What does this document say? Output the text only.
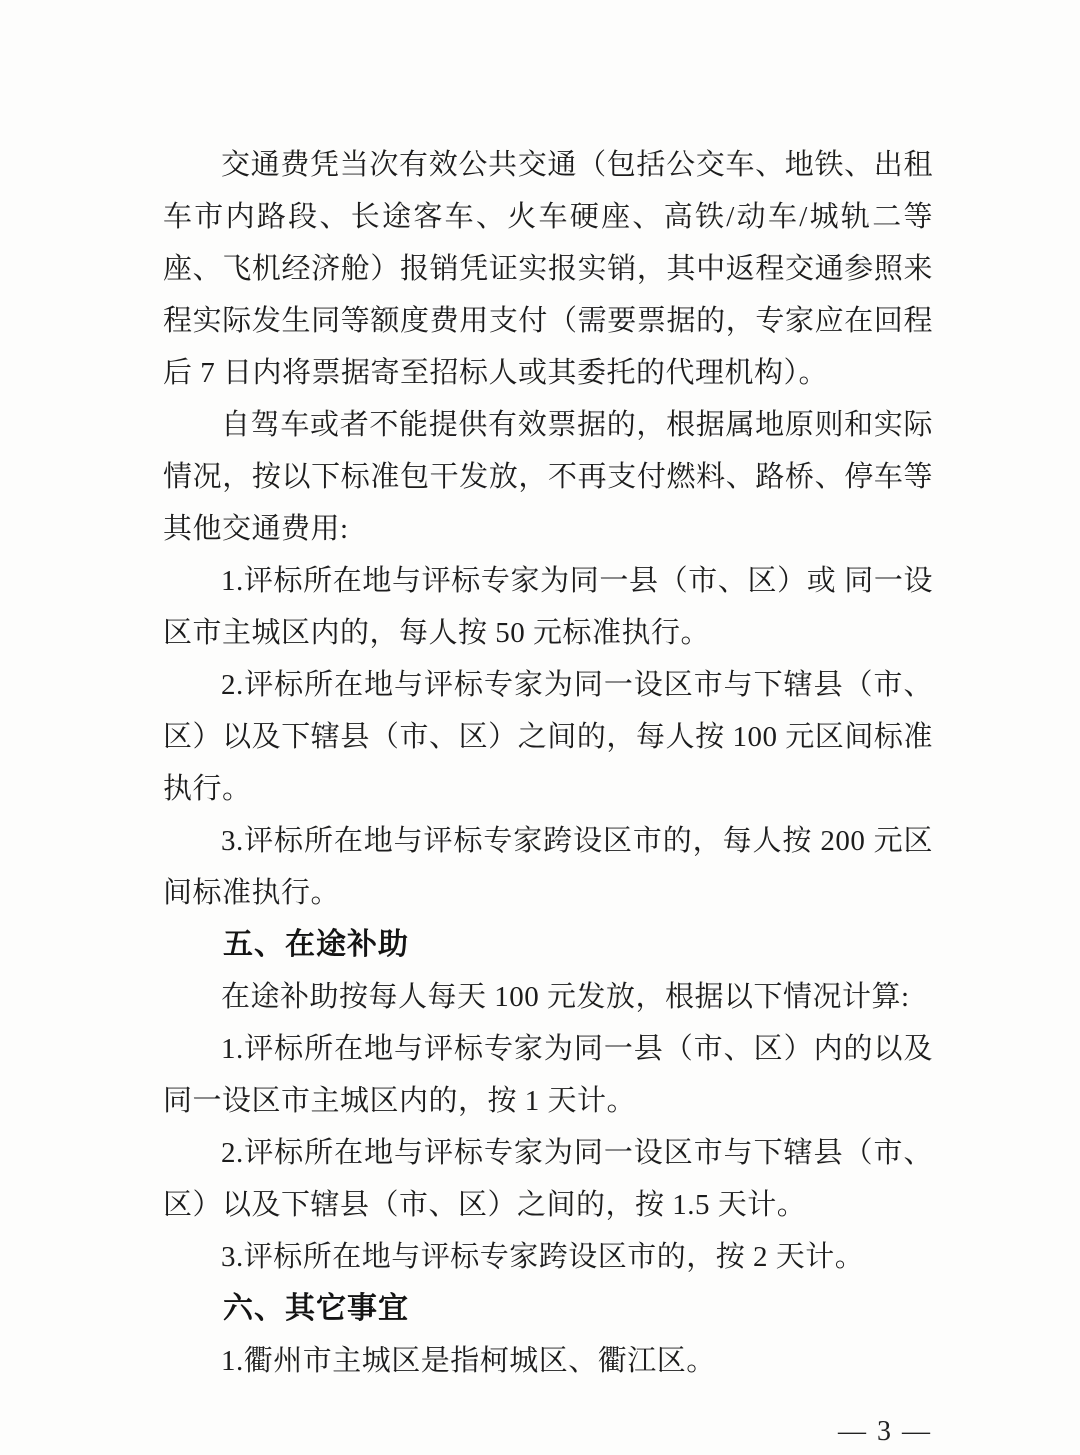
交通费凭当次有效公共交通（包括公交车、地铁、出租车市内路段、长途客车、火车硬座、高铁/动车/城轨二等座、飞机经济舱）报销凭证实报实销，其中返程交通参照来程实际发生同等额度费用支付（需要票据的，专家应在回程后 7 日内将票据寄至招标人或其委托的代理机构）。

自驾车或者不能提供有效票据的，根据属地原则和实际情况，按以下标准包干发放，不再支付燃料、路桥、停车等其他交通费用:

1.评标所在地与评标专家为同一县（市、区）或 同一设区市主城区内的，每人按 50 元标准执行。

2.评标所在地与评标专家为同一设区市与下辖县（市、区）以及下辖县（市、区）之间的，每人按 100 元区间标准执行。

3.评标所在地与评标专家跨设区市的，每人按 200 元区间标准执行。

五、在途补助

在途补助按每人每天 100 元发放，根据以下情况计算:

1.评标所在地与评标专家为同一县（市、区）内的以及同一设区市主城区内的，按 1 天计。

2.评标所在地与评标专家为同一设区市与下辖县（市、区）以及下辖县（市、区）之间的，按 1.5 天计。

3.评标所在地与评标专家跨设区市的，按 2 天计。

六、其它事宜

1.衢州市主城区是指柯城区、衢江区。

— 3 —
